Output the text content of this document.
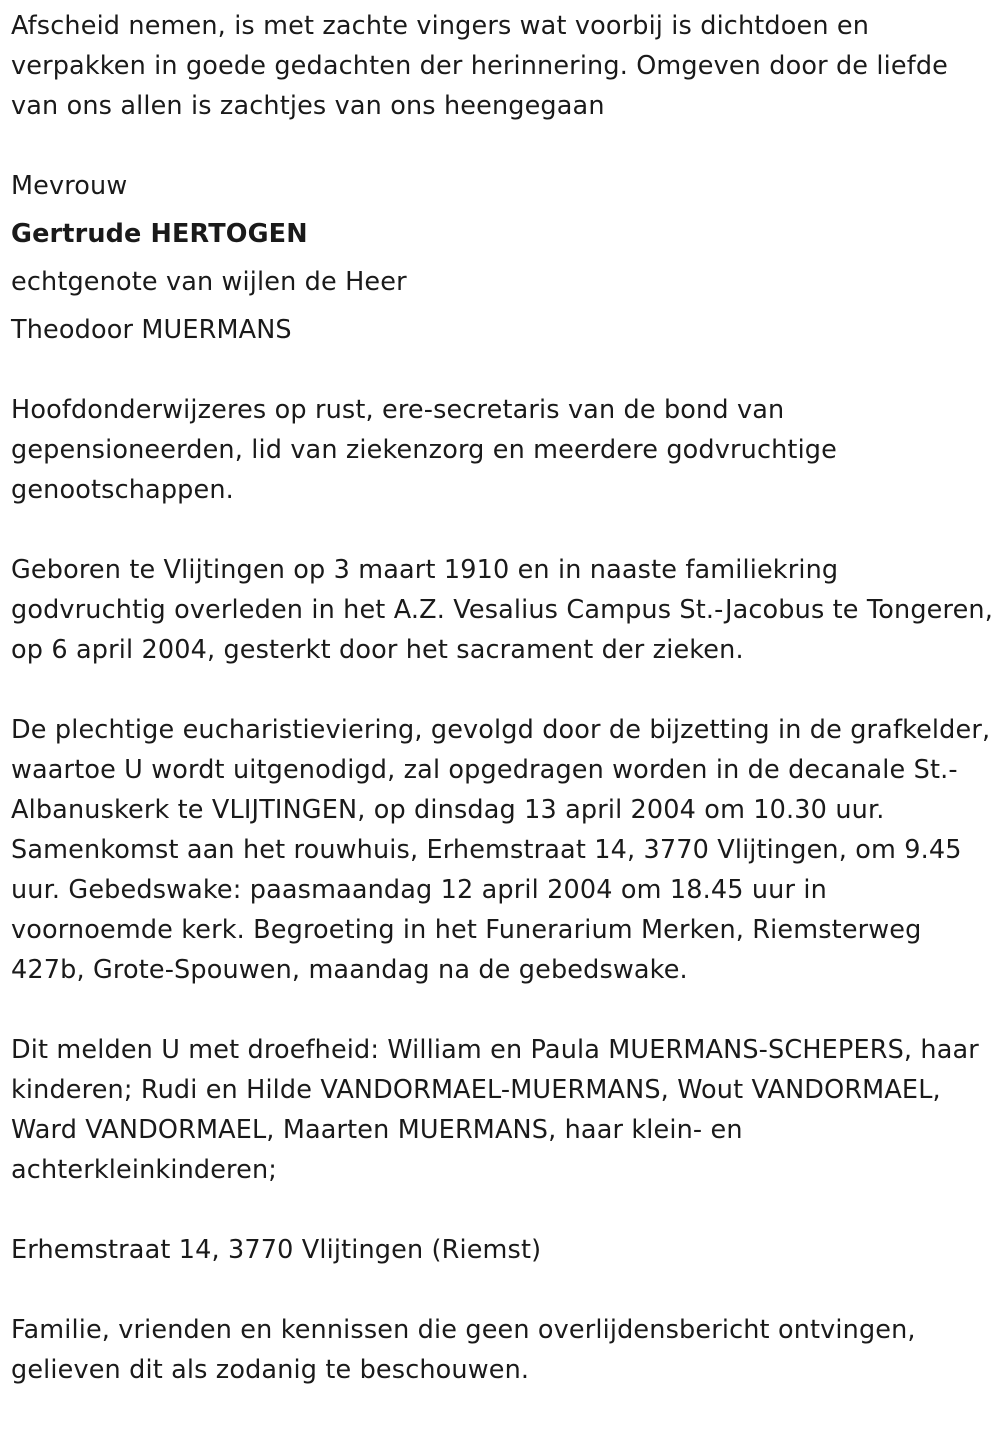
Afscheid nemen, is met zachte vingers wat voorbij is dichtdoen en verpakken in goede gedachten der herinnering. Omgeven door de liefde van ons allen is zachtjes van ons heengegaan

Mevrouw
Gertrude HERTOGEN
echtgenote van wijlen de Heer
Theodoor MUERMANS

Hoofdonderwijzeres op rust, ere-secretaris van de bond van gepensioneerden, lid van ziekenzorg en meerdere godvruchtige genootschappen.

Geboren te Vlijtingen op 3 maart 1910 en in naaste familiekring godvruchtig overleden in het A.Z. Vesalius Campus St.-Jacobus te Tongeren, op 6 april 2004, gesterkt door het sacrament der zieken.

De plechtige eucharistieviering, gevolgd door de bijzetting in de grafkelder, waartoe U wordt uitgenodigd, zal opgedragen worden in de decanale St.-Albanuskerk te VLIJTINGEN, op dinsdag 13 april 2004 om 10.30 uur. Samenkomst aan het rouwhuis, Erhemstraat 14, 3770 Vlijtingen, om 9.45 uur. Gebedswake: paasmaandag 12 april 2004 om 18.45 uur in voornoemde kerk. Begroeting in het Funerarium Merken, Riemsterweg 427b, Grote-Spouwen, maandag na de gebedswake.

Dit melden U met droefheid: William en Paula MUERMANS-SCHEPERS, haar kinderen; Rudi en Hilde VANDORMAEL-MUERMANS, Wout VANDORMAEL, Ward VANDORMAEL, Maarten MUERMANS, haar klein- en achterkleinkinderen;

Erhemstraat 14, 3770 Vlijtingen (Riemst)

Familie, vrienden en kennissen die geen overlijdensbericht ontvingen, gelieven dit als zodanig te beschouwen.
